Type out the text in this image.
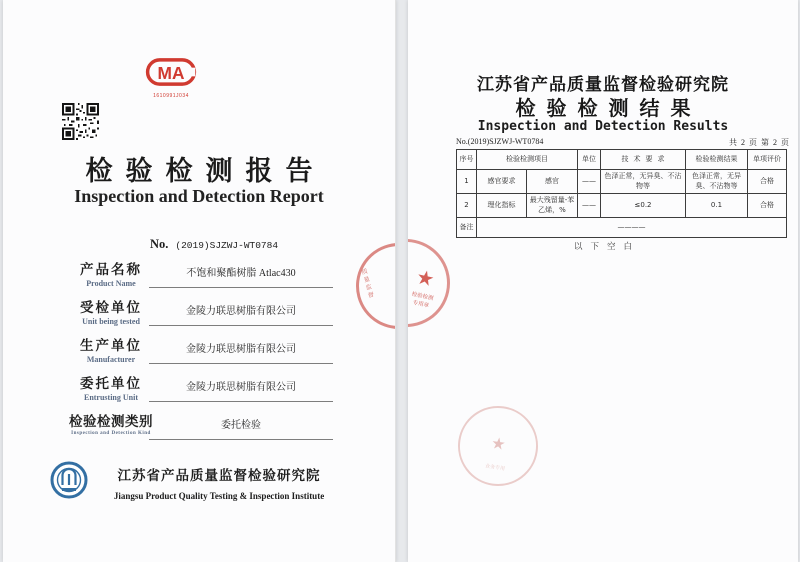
MA
1610991J034
检验检测报告
Inspection and Detection Report
No. (2019)SJZWJ-WT0784
产品名称
Product Name
不饱和聚酯树脂 Atlac430
受检单位
Unit being tested
金陵力联思树脂有限公司
生产单位
Manufacturer
金陵力联思树脂有限公司
委托单位
Entrusting Unit
金陵力联思树脂有限公司
检验检测类别
Inspection and Detection Kind
委托检验
江苏省产品质量监督检验研究院
Jiangsu Product Quality Testing & Inspection Institute
质量监督
江苏省产品质量监督检验研究院
检验检测结果
Inspection and Detection Results
No.(2019)SJZWJ-WT0784	共 2 页 第 2 页
序号	检验检测项目		单位	技术要求	检验检测结果	单项评价
1	感官要求	感官	——	色泽正常，无异臭、不沾物等	色泽正常，无异臭、不沾物等	合格
2	理化指标	最大残留量-苯乙烯，%	——	≤0.2	0.1	合格
备注	————					
以下空白
★
检验检测
专用章
★
业务专用
